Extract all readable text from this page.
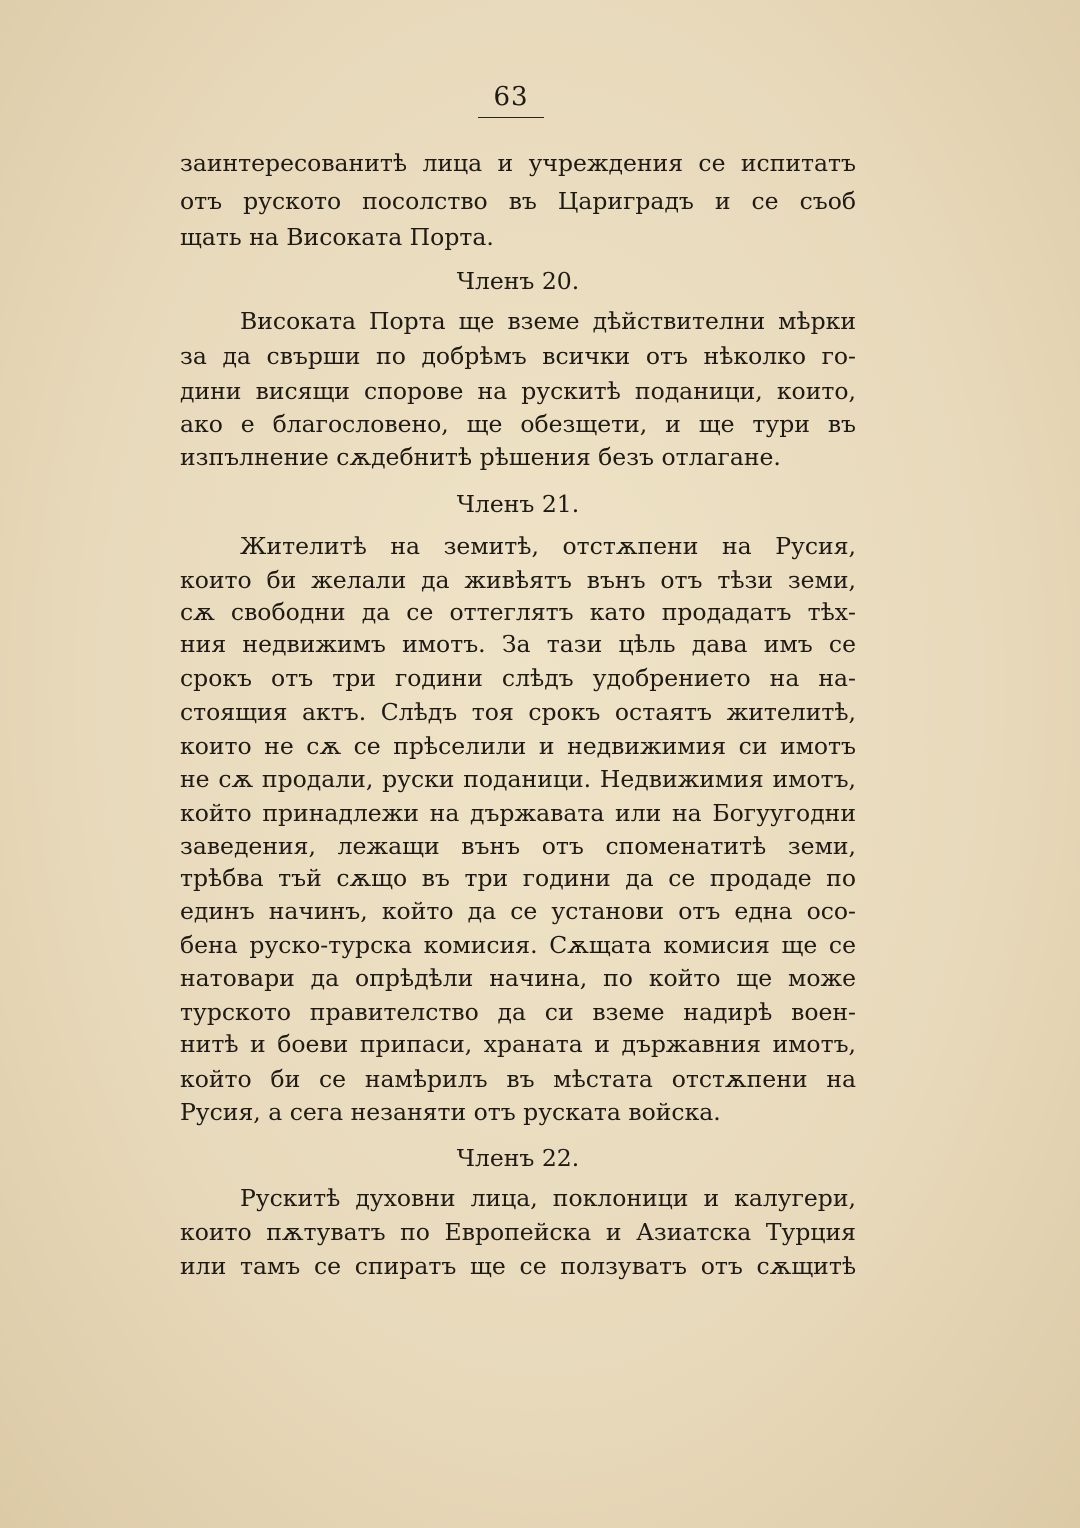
63
заинтересованитѣ лица и учреждения се испитатъ
отъ руското посолство въ Цариградъ и се съоб
щать на Високата Порта.
Членъ 20.
Високата Порта ще вземе дѣйствителни мѣрки
за да свърши по добрѣмъ всички отъ нѣколко го-
дини висящи спорове на рускитѣ поданици, които,
ако е благословено, ще обезщети, и ще тури въ
изпълнение сѫдебнитѣ рѣшения безъ отлагане.
Членъ 21.
Жителитѣ на земитѣ, отстѫпени на Русия,
които би желали да живѣятъ вънъ отъ тѣзи земи,
сѫ свободни да се оттеглятъ като продадатъ тѣх-
ния недвижимъ имотъ. За тази цѣль дава имъ се
срокъ отъ три години слѣдъ удобрението на на-
стоящия актъ. Слѣдъ тоя срокъ остаятъ жителитѣ,
които не сѫ се прѣселили и недвижимия си имотъ
не сѫ продали, руски поданици. Недвижимия имотъ,
който принадлежи на държавата или на Богуугодни
заведения, лежащи вънъ отъ споменатитѣ земи,
трѣбва тъй сѫщо въ три години да се продаде по
единъ начинъ, който да се установи отъ една осо-
бена руско-турска комисия. Сѫщата комисия ще се
натовари да опрѣдѣли начина, по който ще може
турското правителство да си вземе надирѣ воен-
нитѣ и боеви припаси, храната и държавния имотъ,
който би се намѣрилъ въ мѣстата отстѫпени на
Русия, а сега незаняти отъ руската войска.
Членъ 22.
Рускитѣ духовни лица, поклоници и калугери,
които пѫтуватъ по Европейска и Азиатска Турция
или тамъ се спиратъ ще се ползуватъ отъ сѫщитѣ
